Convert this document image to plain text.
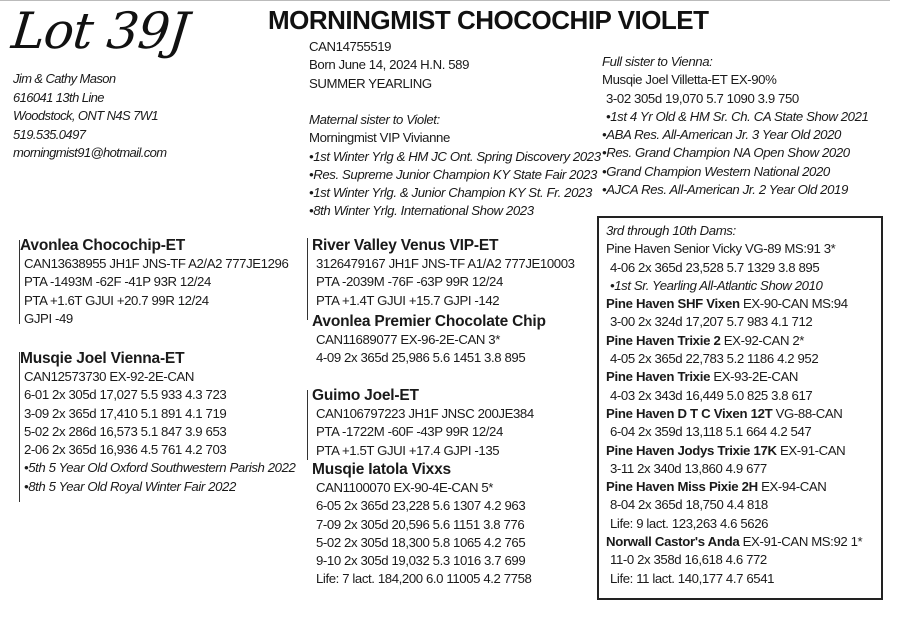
Lot 39J	MORNINGMIST CHOCOCHIP VIOLET
Jim & Cathy Mason
616041 13th Line
Woodstock, ONT N4S 7W1
519.535.0497
morningmist91@hotmail.com
CAN14755519
Born June 14, 2024 H.N. 589
SUMMER YEARLING
Maternal sister to Violet:
Morningmist VIP Vivianne
•1st Winter Yrlg & HM JC Ont. Spring Discovery 2023
•Res. Supreme Junior Champion KY State Fair 2023
•1st Winter Yrlg. & Junior Champion KY St. Fr. 2023
•8th Winter Yrlg. International Show 2023
Full sister to Vienna:
Musqie Joel Villetta-ET EX-90%
3-02 305d 19,070 5.7 1090 3.9 750
•1st 4 Yr Old & HM Sr. Ch. CA State Show 2021
•ABA Res. All-American Jr. 3 Year Old 2020
•Res. Grand Champion NA Open Show 2020
•Grand Champion Western National 2020
•AJCA Res. All-American Jr. 2 Year Old 2019
Avonlea Chocochip-ET
CAN13638955 JH1F JNS-TF A2/A2 777JE1296
PTA -1493M -62F -41P 93R 12/24
PTA +1.6T GJUI +20.7 99R 12/24
GJPI -49
Musqie Joel Vienna-ET
CAN12573730 EX-92-2E-CAN
6-01 2x 305d 17,027 5.5 933 4.3 723
3-09 2x 365d 17,410 5.1 891 4.1 719
5-02 2x 286d 16,573 5.1 847 3.9 653
2-06 2x 365d 16,936 4.5 761 4.2 703
•5th 5 Year Old Oxford Southwestern Parish 2022
•8th 5 Year Old Royal Winter Fair 2022
River Valley Venus VIP-ET
3126479167 JH1F JNS-TF A1/A2 777JE10003
PTA -2039M -76F -63P 99R 12/24
PTA +1.4T GJUI +15.7 GJPI -142
Avonlea Premier Chocolate Chip
CAN11689077 EX-96-2E-CAN 3*
4-09 2x 365d 25,986 5.6 1451 3.8 895
Guimo Joel-ET
CAN106797223 JH1F JNSC 200JE384
PTA -1722M -60F -43P 99R 12/24
PTA +1.5T GJUI +17.4 GJPI -135
Musqie Iatola Vixxs
CAN1100070 EX-90-4E-CAN 5*
6-05 2x 365d 23,228 5.6 1307 4.2 963
7-09 2x 305d 20,596 5.6 1151 3.8 776
5-02 2x 305d 18,300 5.8 1065 4.2 765
9-10 2x 305d 19,032 5.3 1016 3.7 699
Life: 7 lact. 184,200 6.0 11005 4.2 7758
3rd through 10th Dams:
Pine Haven Senior Vicky VG-89 MS:91 3*
4-06 2x 365d 23,528 5.7 1329 3.8 895
•1st Sr. Yearling All-Atlantic Show 2010
Pine Haven SHF Vixen EX-90-CAN MS:94
3-00 2x 324d 17,207 5.7 983 4.1 712
Pine Haven Trixie 2 EX-92-CAN 2*
4-05 2x 365d 22,783 5.2 1186 4.2 952
Pine Haven Trixie EX-93-2E-CAN
4-03 2x 343d 16,449 5.0 825 3.8 617
Pine Haven D T C Vixen 12T VG-88-CAN
6-04 2x 359d 13,118 5.1 664 4.2 547
Pine Haven Jodys Trixie 17K EX-91-CAN
3-11 2x 340d 13,860 4.9 677
Pine Haven Miss Pixie 2H EX-94-CAN
8-04 2x 365d 18,750 4.4 818
Life: 9 lact. 123,263 4.6 5626
Norwall Castor's Anda EX-91-CAN MS:92 1*
11-0 2x 358d 16,618 4.6 772
Life: 11 lact. 140,177 4.7 6541
